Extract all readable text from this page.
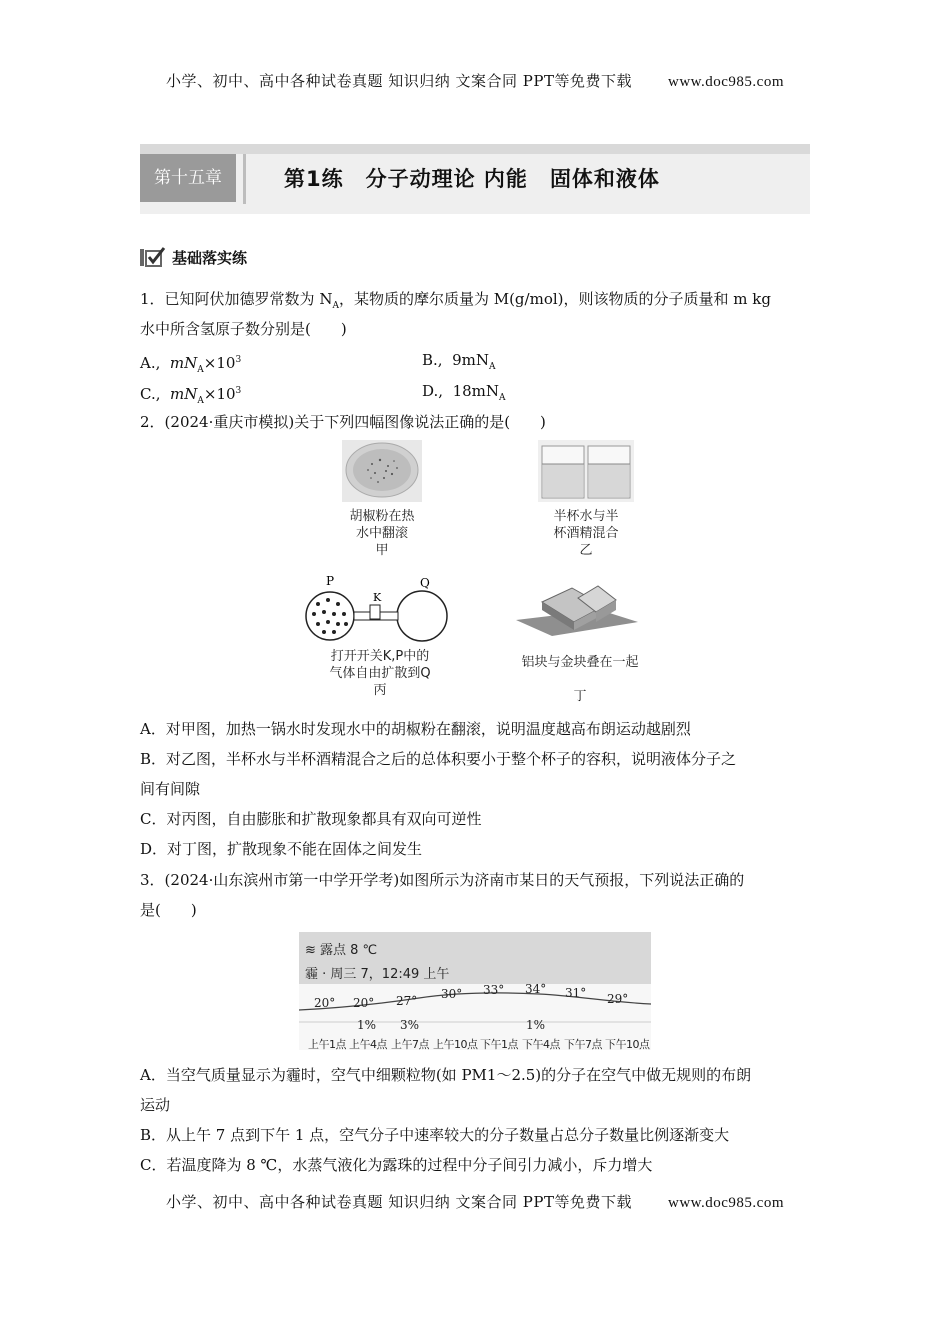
小学、初中、高中各种试卷真题 知识归纳 文案合同 PPT等免费下载 www.doc985.com
第十五章	第1练 分子动理论 内能 固体和液体
基础落实练
1．已知阿伏加德罗常数为 $N_A$，某物质的摩尔质量为 M(g/mol)，则该物质的分子质量和 m kg
水中所含氢原子数分别是(　　)
A., $mN_A\times 10^3$	B., $9mN_A$
C., $mN_A\times 10^3$	D., $18mN_A$
2．(2024·重庆市模拟)关于下列四幅图像说法正确的是(　　)
胡椒粉在热
水中翻滚
甲
半杯水与半
杯酒精混合
乙
P
K
Q
打开开关K,P中的
气体自由扩散到Q
丙
铝块与金块叠在一起
丁
A．对甲图，加热一锅水时发现水中的胡椒粉在翻滚，说明温度越高布朗运动越剧烈
B．对乙图，半杯水与半杯酒精混合之后的总体积要小于整个杯子的容积，说明液体分子之
间有间隙
C．对丙图，自由膨胀和扩散现象都具有双向可逆性
D．对丁图，扩散现象不能在固体之间发生
3．(2024·山东滨州市第一中学开学考)如图所示为济南市某日的天气预报，下列说法正确的
是(　　)
≋ 露点 8 ℃
霾 · 周三 7，12:49 上午
20° 20° 27° 30° 33° 34° 31° 29°
1% 3%	1%
上午1点 上午4点 上午7点 上午10点 下午1点 下午4点 下午7点 下午10点
A．当空气质量显示为霾时，空气中细颗粒物(如 PM1～2.5)的分子在空气中做无规则的布朗
运动
B．从上午 7 点到下午 1 点，空气分子中速率较大的分子数量占总分子数量比例逐渐变大
C．若温度降为 8 ℃，水蒸气液化为露珠的过程中分子间引力减小，斥力增大
小学、初中、高中各种试卷真题 知识归纳 文案合同 PPT等免费下载 www.doc985.com
